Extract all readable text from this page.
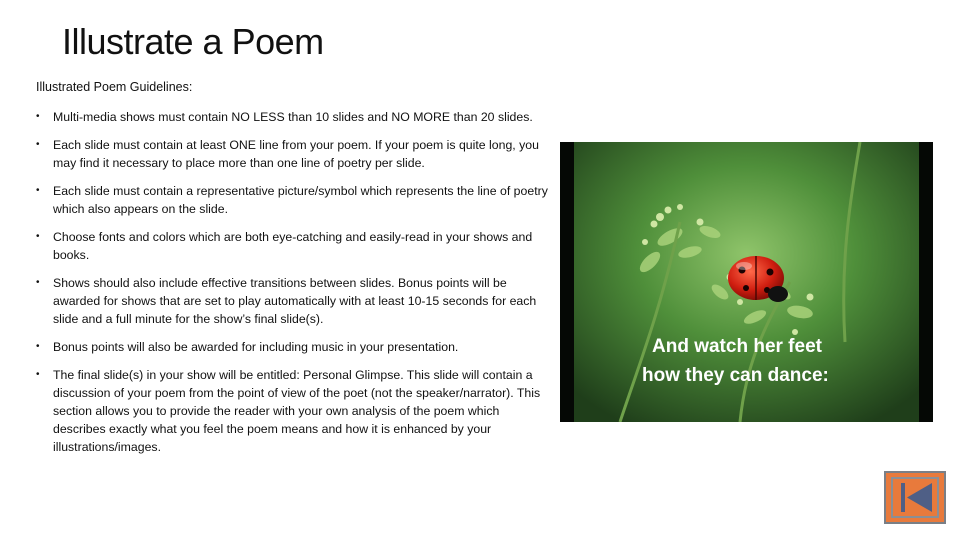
Illustrate a Poem
Illustrated Poem Guidelines:
• Multi-media shows must contain NO LESS than 10 slides and NO MORE than 20 slides.
• Each slide must contain at least ONE line from your poem. If your poem is quite long, you may find it necessary to place more than one line of poetry per slide.
• Each slide must contain a representative picture/symbol which represents the line of poetry which also appears on the slide.
• Choose fonts and colors which are both eye-catching and easily-read in your shows and books.
• Shows should also include effective transitions between slides. Bonus points will be awarded for shows that are set to play automatically with at least 10-15 seconds for each slide and a full minute for the show’s final slide(s).
• Bonus points will also be awarded for including music in your presentation.
• The final slide(s) in your show will be entitled: Personal Glimpse. This slide will contain a discussion of your poem from the point of view of the poet (not the speaker/narrator). This section allows you to provide the reader with your own analysis of the poem which describes exactly what you feel the poem means and how it is enhanced by your illustrations/images.
And watch her feet
how they can dance:
